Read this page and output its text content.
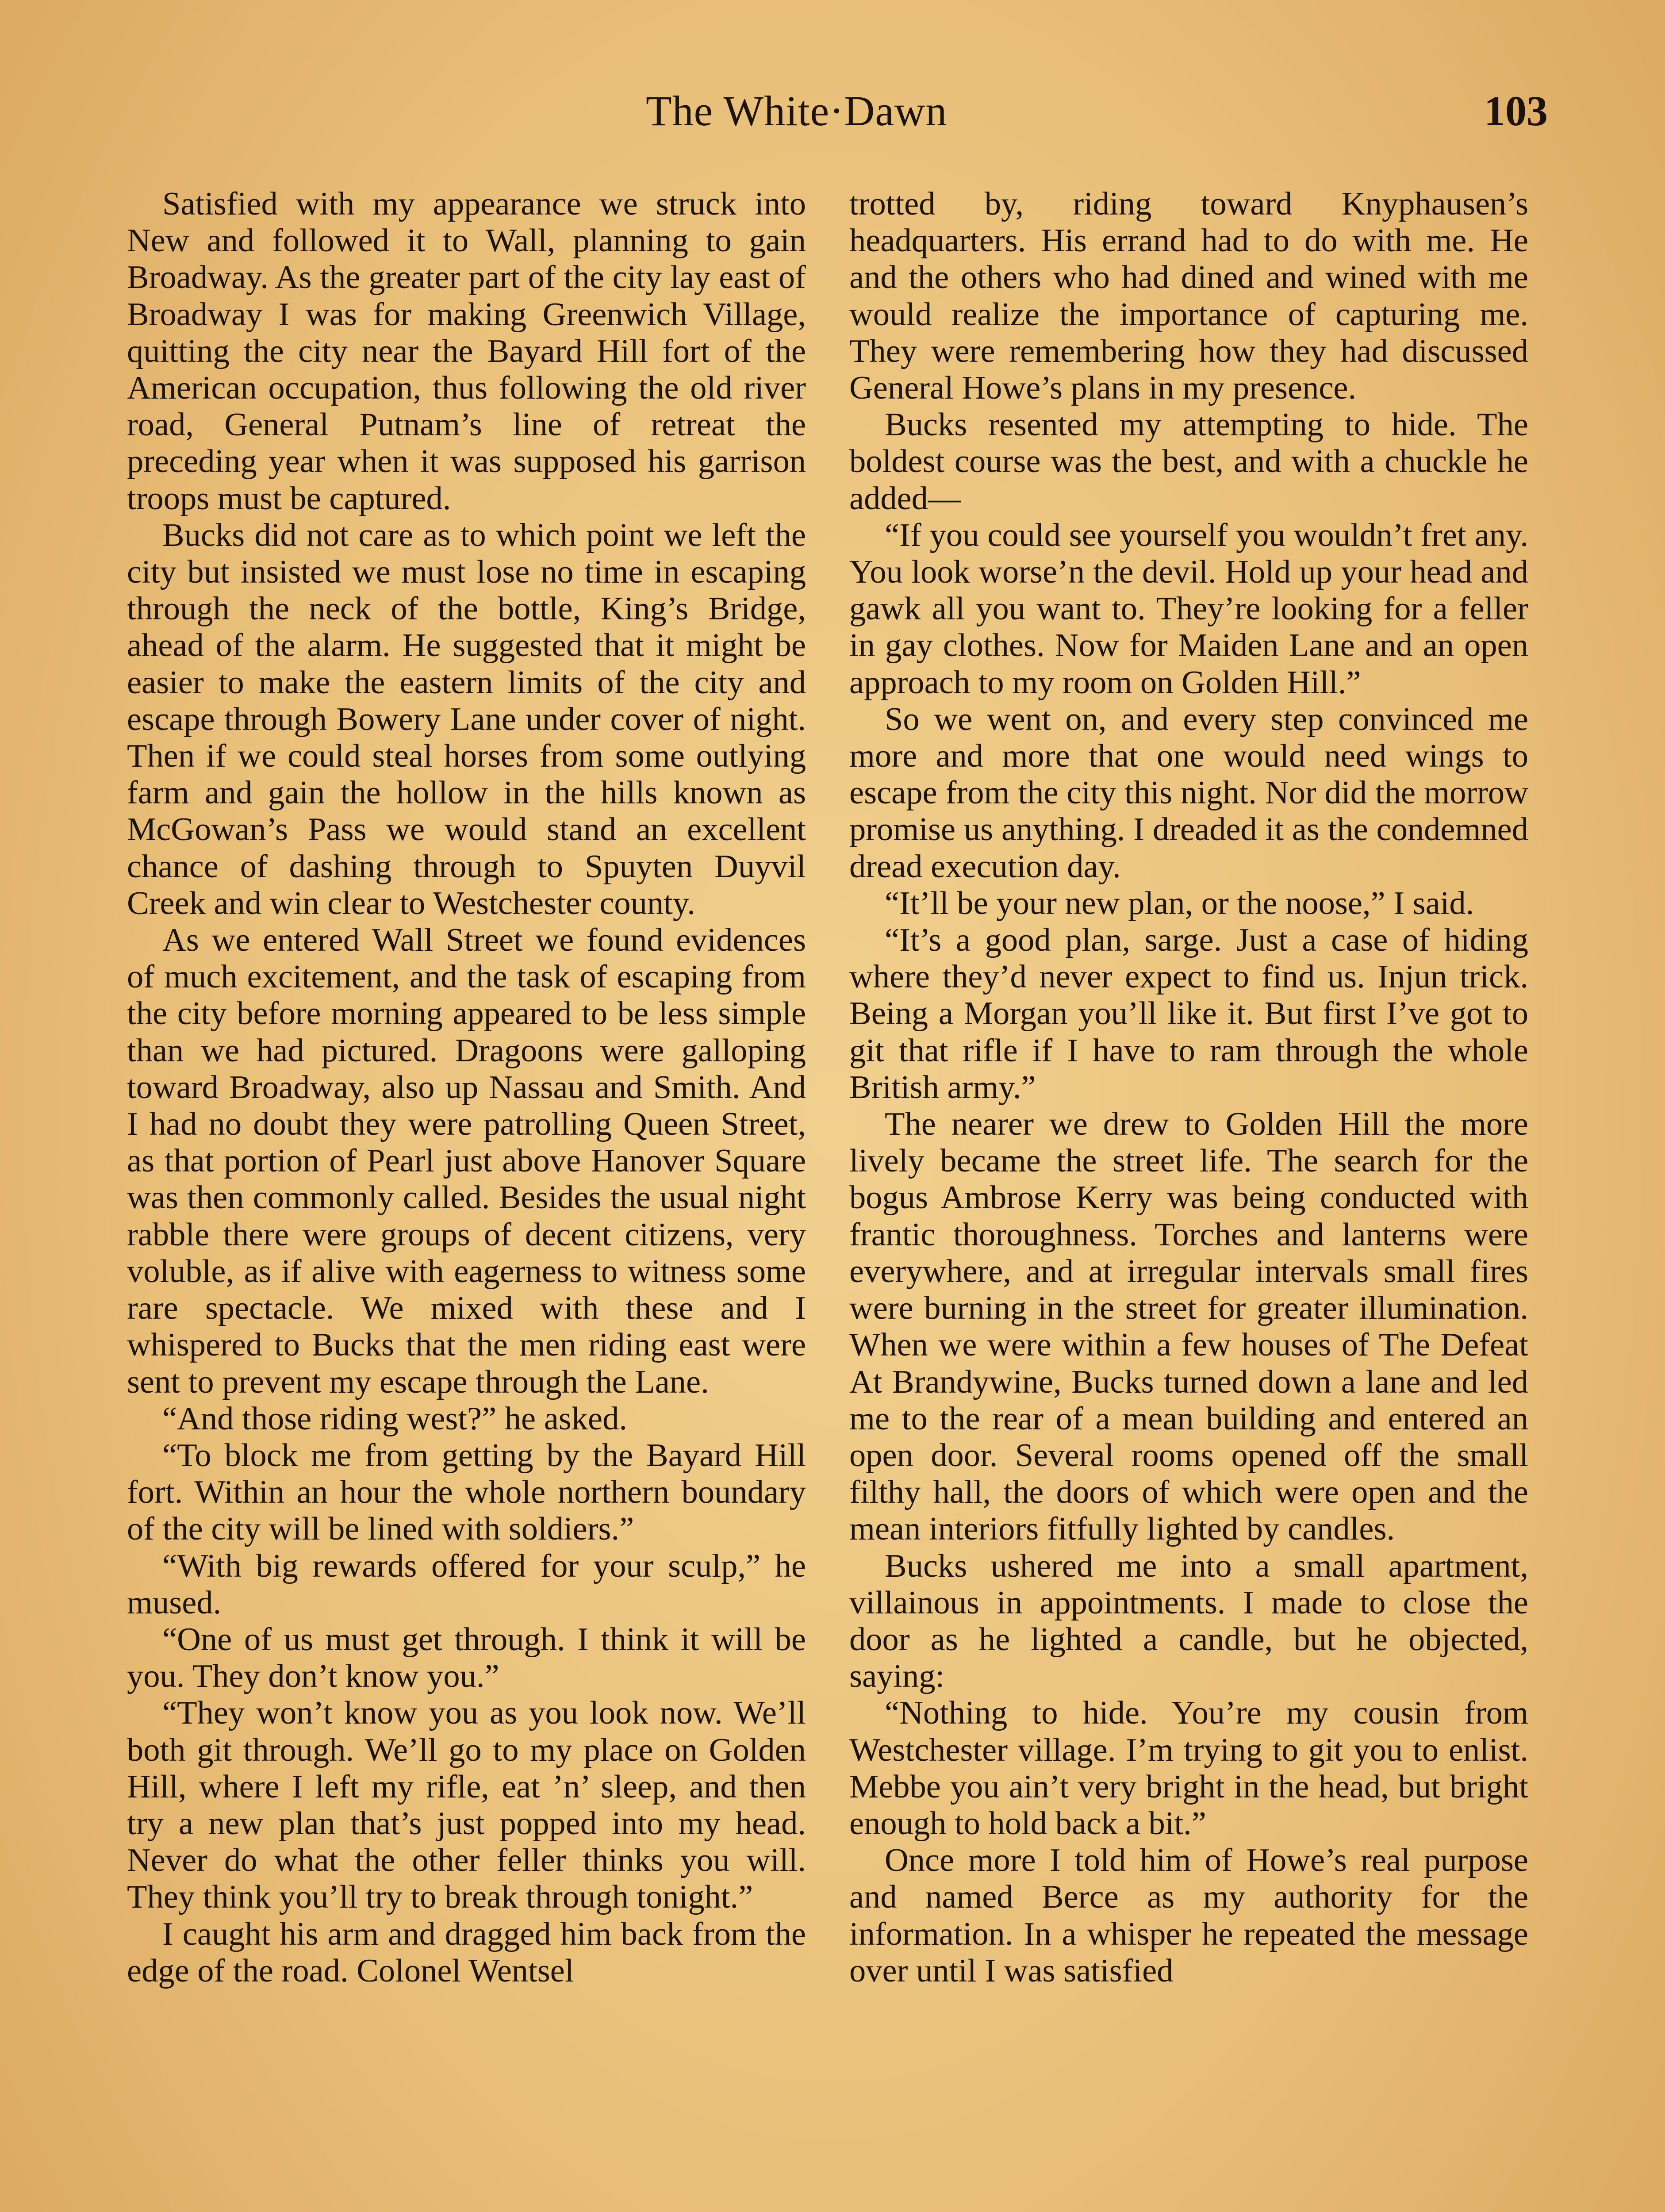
The White·Dawn	103

Satisfied with my appearance we struck into New and followed it to Wall, planning to gain Broadway. As the greater part of the city lay east of Broadway I was for making Greenwich Village, quitting the city near the Bayard Hill fort of the American occupation, thus following the old river road, General Putnam’s line of retreat the preceding year when it was supposed his garrison troops must be captured.

Bucks did not care as to which point we left the city but insisted we must lose no time in escaping through the neck of the bottle, King’s Bridge, ahead of the alarm. He suggested that it might be easier to make the eastern limits of the city and escape through Bowery Lane under cover of night. Then if we could steal horses from some outlying farm and gain the hollow in the hills known as McGowan’s Pass we would stand an excellent chance of dashing through to Spuyten Duyvil Creek and win clear to Westchester county.

As we entered Wall Street we found evidences of much excitement, and the task of escaping from the city before morning appeared to be less simple than we had pictured. Dragoons were galloping toward Broadway, also up Nassau and Smith. And I had no doubt they were patrolling Queen Street, as that portion of Pearl just above Hanover Square was then commonly called. Besides the usual night rabble there were groups of decent citizens, very voluble, as if alive with eagerness to witness some rare spectacle. We mixed with these and I whispered to Bucks that the men riding east were sent to prevent my escape through the Lane.

“And those riding west?” he asked.

“To block me from getting by the Bayard Hill fort. Within an hour the whole northern boundary of the city will be lined with soldiers.”

“With big rewards offered for your sculp,” he mused.

“One of us must get through. I think it will be you. They don’t know you.”

“They won’t know you as you look now. We’ll both git through. We’ll go to my place on Golden Hill, where I left my rifle, eat ’n’ sleep, and then try a new plan that’s just popped into my head. Never do what the other feller thinks you will. They think you’ll try to break through tonight.”

I caught his arm and dragged him back from the edge of the road. Colonel Wentsel

trotted by, riding toward Knyphausen’s headquarters. His errand had to do with me. He and the others who had dined and wined with me would realize the importance of capturing me. They were remembering how they had discussed General Howe’s plans in my presence.

Bucks resented my attempting to hide. The boldest course was the best, and with a chuckle he added—

“If you could see yourself you wouldn’t fret any. You look worse’n the devil. Hold up your head and gawk all you want to. They’re looking for a feller in gay clothes. Now for Maiden Lane and an open approach to my room on Golden Hill.”

So we went on, and every step convinced me more and more that one would need wings to escape from the city this night. Nor did the morrow promise us anything. I dreaded it as the condemned dread execution day.

“It’ll be your new plan, or the noose,” I said.

“It’s a good plan, sarge. Just a case of hiding where they’d never expect to find us. Injun trick. Being a Morgan you’ll like it. But first I’ve got to git that rifle if I have to ram through the whole British army.”

The nearer we drew to Golden Hill the more lively became the street life. The search for the bogus Ambrose Kerry was being conducted with frantic thoroughness. Torches and lanterns were everywhere, and at irregular intervals small fires were burning in the street for greater illumination. When we were within a few houses of The Defeat At Brandywine, Bucks turned down a lane and led me to the rear of a mean building and entered an open door. Several rooms opened off the small filthy hall, the doors of which were open and the mean interiors fitfully lighted by candles.

Bucks ushered me into a small apartment, villainous in appointments. I made to close the door as he lighted a candle, but he objected, saying:

“Nothing to hide. You’re my cousin from Westchester village. I’m trying to git you to enlist. Mebbe you ain’t very bright in the head, but bright enough to hold back a bit.”

Once more I told him of Howe’s real purpose and named Berce as my authority for the information. In a whisper he repeated the message over until I was satisfied
